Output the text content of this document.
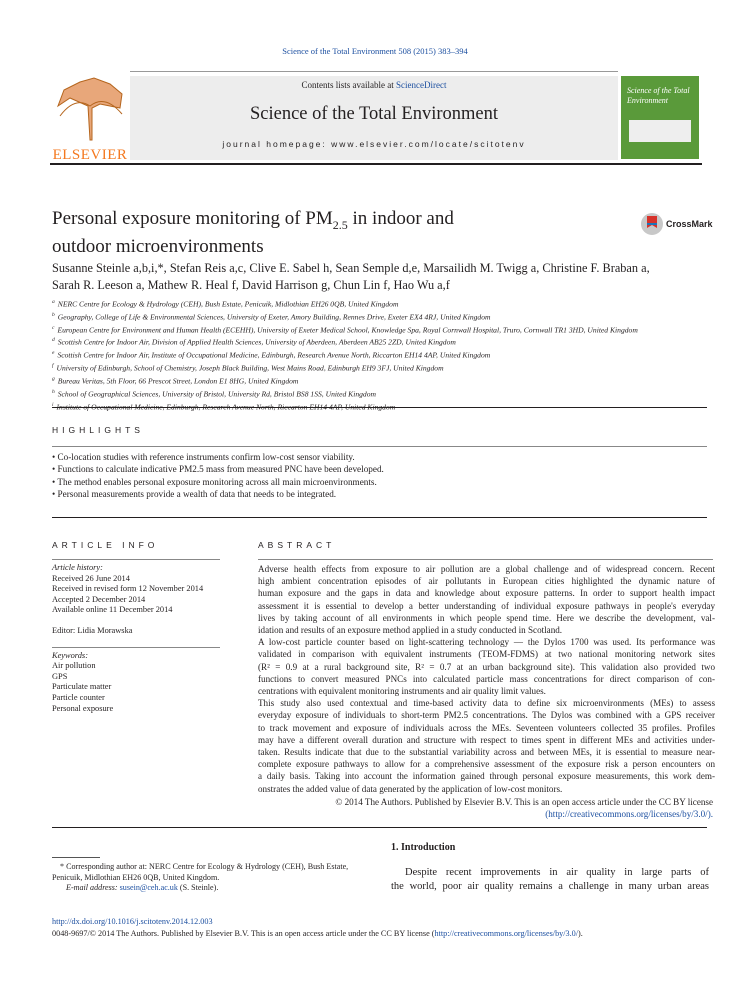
Science of the Total Environment 508 (2015) 383–394
ELSEVIER
Contents lists available at ScienceDirect
Science of the Total Environment
journal homepage: www.elsevier.com/locate/scitotenv
Science of the Total Environment
Personal exposure monitoring of $PM_{2.5}$ in indoor and
outdoor microenvironments
CrossMark
Susanne Steinle a,b,i,*, Stefan Reis a,c, Clive E. Sabel h, Sean Semple d,e, Marsailidh M. Twigg a, Christine F. Braban a,
Sarah R. Leeson a, Mathew R. Heal f, David Harrison g, Chun Lin f, Hao Wu a,f
$^a$ NERC Centre for Ecology & Hydrology (CEH), Bush Estate, Penicuik, Midlothian EH26 0QB, United Kingdom
$^b$ Geography, College of Life & Environmental Sciences, University of Exeter, Amory Building, Rennes Drive, Exeter EX4 4RJ, United Kingdom
$^c$ European Centre for Environment and Human Health (ECEHH), University of Exeter Medical School, Knowledge Spa, Royal Cornwall Hospital, Truro, Cornwall TR1 3HD, United Kingdom
$^d$ Scottish Centre for Indoor Air, Division of Applied Health Sciences, University of Aberdeen, Aberdeen AB25 2ZD, United Kingdom
$^e$ Scottish Centre for Indoor Air, Institute of Occupational Medicine, Edinburgh, Research Avenue North, Riccarton EH14 4AP, United Kingdom
$^f$ University of Edinburgh, School of Chemistry, Joseph Black Building, West Mains Road, Edinburgh EH9 3FJ, United Kingdom
$^g$ Bureau Veritas, 5th Floor, 66 Prescot Street, London E1 8HG, United Kingdom
$^h$ School of Geographical Sciences, University of Bristol, University Rd, Bristol BS8 1SS, United Kingdom
$^i$
HIGHLIGHTS
• Co-location studies with reference instruments confirm low-cost sensor viability.
• Functions to calculate indicative PM2.5 mass from measured PNC have been developed.
• The method enables personal exposure monitoring across all main microenvironments.
• Personal measurements provide a wealth of data that needs to be integrated.
ARTICLE INFO
Article history:
Received 26 June 2014
Received in revised form 12 November 2014
Accepted 2 December 2014
Available online 11 December 2014
Editor: Lidia Morawska
Keywords:
Air pollution
GPS
Particulate matter
Particle counter
Personal exposure
ABSTRACT
Adverse health effects from exposure to air pollution are a global challenge and of widespread concern. Recent
high ambient concentration episodes of air pollutants in European cities highlighted the dynamic nature of
human exposure and the gaps in data and knowledge about exposure patterns. In order to support health impact
assessment it is essential to develop a better understanding of individual exposure pathways in people's everyday
lives by taking account of all environments in which people spend time. Here we describe the development, val-
idation and results of an exposure method applied in a study conducted in Scotland.
A low-cost particle counter based on light-scattering technology — the Dylos 1700 was used. Its performance was
validated in comparison with equivalent instruments (TEOM-FDMS) at two national monitoring network sites
(R² = 0.9 at a rural background site, R² = 0.7 at an urban background site). This validation also provided two
functions to convert measured PNCs into calculated particle mass concentrations for direct comparison of con-
centrations with equivalent monitoring instruments and air quality limit values.
This study also used contextual and time-based activity data to define six microenvironments (MEs) to assess
everyday exposure of individuals to short-term PM2.5 concentrations. The Dylos was combined with a GPS receiver
to track movement and exposure of individuals across the MEs. Seventeen volunteers collected 35 profiles. Profiles
may have a different overall duration and structure with respect to times spent in different MEs and activities under-
taken. Results indicate that due to the substantial variability across and between MEs, it is essential to measure near-
complete exposure pathways to allow for a comprehensive assessment of the exposure risk a person encounters on
a daily basis. Taking into account the information gained through personal exposure measurements, this work dem-
onstrates the added value of data generated by the application of low-cost monitors.
© 2014 The Authors. Published by Elsevier B.V. This is an open access article under the CC BY license
(http://creativecommons.org/licenses/by/3.0/).
* Corresponding author at: NERC Centre for Ecology & Hydrology (CEH), Bush Estate,
Penicuik, Midlothian EH26 0QB, United Kingdom.
E-mail address: susein@ceh.ac.uk (S. Steinle).
1. Introduction
Despite recent improvements in air quality in large parts of
the world, poor air quality remains a challenge in many urban areas
http://dx.doi.org/10.1016/j.scitotenv.2014.12.003
0048-9697/© 2014 The Authors. Published by Elsevier B.V. This is an open access article under the CC BY license (http://creativecommons.org/licenses/by/3.0/).
